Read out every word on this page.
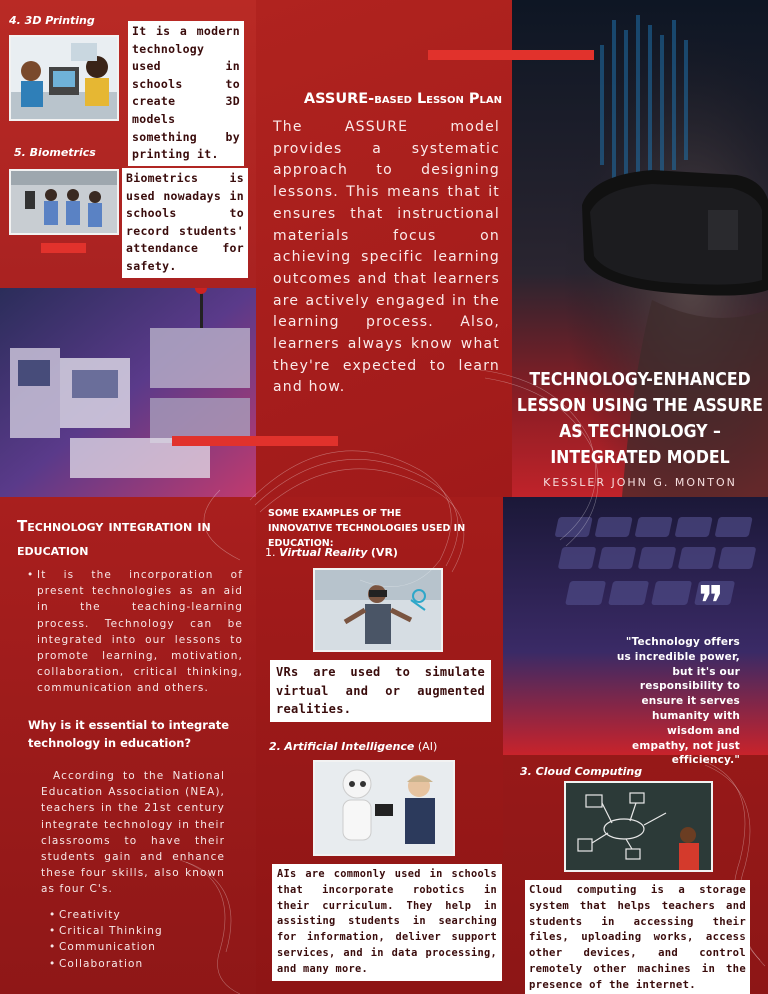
4. 3D Printing
It is a modern technology used in schools to create 3D models something by printing it.
5. Biometrics
Biometrics is used nowadays in schools to record students' attendance for safety.
ASSURE-based Lesson Plan
The ASSURE model provides a systematic approach to designing lessons. This means that it ensures that instructional materials focus on achieving specific learning outcomes and that learners are actively engaged in the learning process. Also, learners always know what they're expected to learn and how.	TECHNOLOGY-ENHANCED LESSON USING THE ASSURE AS TECHNOLOGY –INTEGRATED MODEL
KESSLER JOHN G. MONTON
Technology integration in education
• It is the incorporation of present technologies as an aid in the teaching-learning process. Technology can be integrated into our lessons to promote learning, motivation, collaboration, critical thinking, communication and others.
Why is it essential to integrate technology in education?
According to the National Education Association (NEA), teachers in the 21st century integrate technology in their classrooms to have their students gain and enhance these four skills, also known as four C's.
• Creativity
• Critical Thinking
• Communication
• Collaboration
SOME EXAMPLES OF THE INNOVATIVE TECHNOLOGIES USED IN EDUCATION:
1. Virtual Reality (VR)
VRs are used to simulate virtual and or augmented realities.
2. Artificial Intelligence (AI)
AIs are commonly used in schools that incorporate robotics in their curriculum. They help in assisting students in searching for information, deliver support services, and in data processing, and many more.
❞
"Technology offers us incredible power, but it's our responsibility to ensure it serves humanity with wisdom and empathy, not just efficiency."
3. Cloud Computing
Cloud computing is a storage system that helps teachers and students in accessing their files, uploading works, access other devices, and control remotely other machines in the presence of the internet.
